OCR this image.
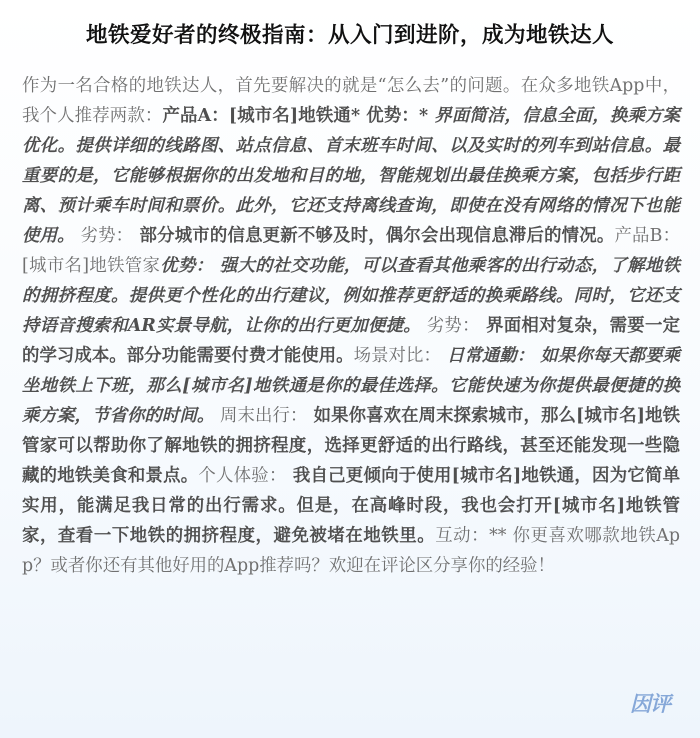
地铁爱好者的终极指南：从入门到进阶，成为地铁达人
作为一名合格的地铁达人，首先要解决的就是“怎么去”的问题。在众多地铁App中，我个人推荐两款：产品A：[城市名]地铁通* 优势：* 界面简洁，信息全面，换乘方案优化。提供详细的线路图、站点信息、首末班车时间、以及实时的列车到站信息。最重要的是，它能够根据你的出发地和目的地，智能规划出最佳换乘方案，包括步行距离、预计乘车时间和票价。此外，它还支持离线查询，即使在没有网络的情况下也能使用。 劣势： 部分城市的信息更新不够及时，偶尔会出现信息滞后的情况。产品B：[城市名]地铁管家优势： 强大的社交功能，可以查看其他乘客的出行动态，了解地铁的拥挤程度。提供更个性化的出行建议，例如推荐更舒适的换乘路线。同时，它还支持语音搜索和AR实景导航，让你的出行更加便捷。 劣势： 界面相对复杂，需要一定的学习成本。部分功能需要付费才能使用。场景对比： 日常通勤： 如果你每天都要乘坐地铁上下班，那么[城市名]地铁通是你的最佳选择。它能快速为你提供最便捷的换乘方案，节省你的时间。 周末出行： 如果你喜欢在周末探索城市，那么[城市名]地铁管家可以帮助你了解地铁的拥挤程度，选择更舒适的出行路线，甚至还能发现一些隐藏的地铁美食和景点。个人体验： 我自己更倾向于使用[城市名]地铁通，因为它简单实用，能满足我日常的出行需求。但是，在高峰时段，我也会打开[城市名]地铁管家，查看一下地铁的拥挤程度，避免被堵在地铁里。互动：** 你更喜欢哪款地铁App？或者你还有其他好用的App推荐吗？欢迎在评论区分享你的经验！
因评
